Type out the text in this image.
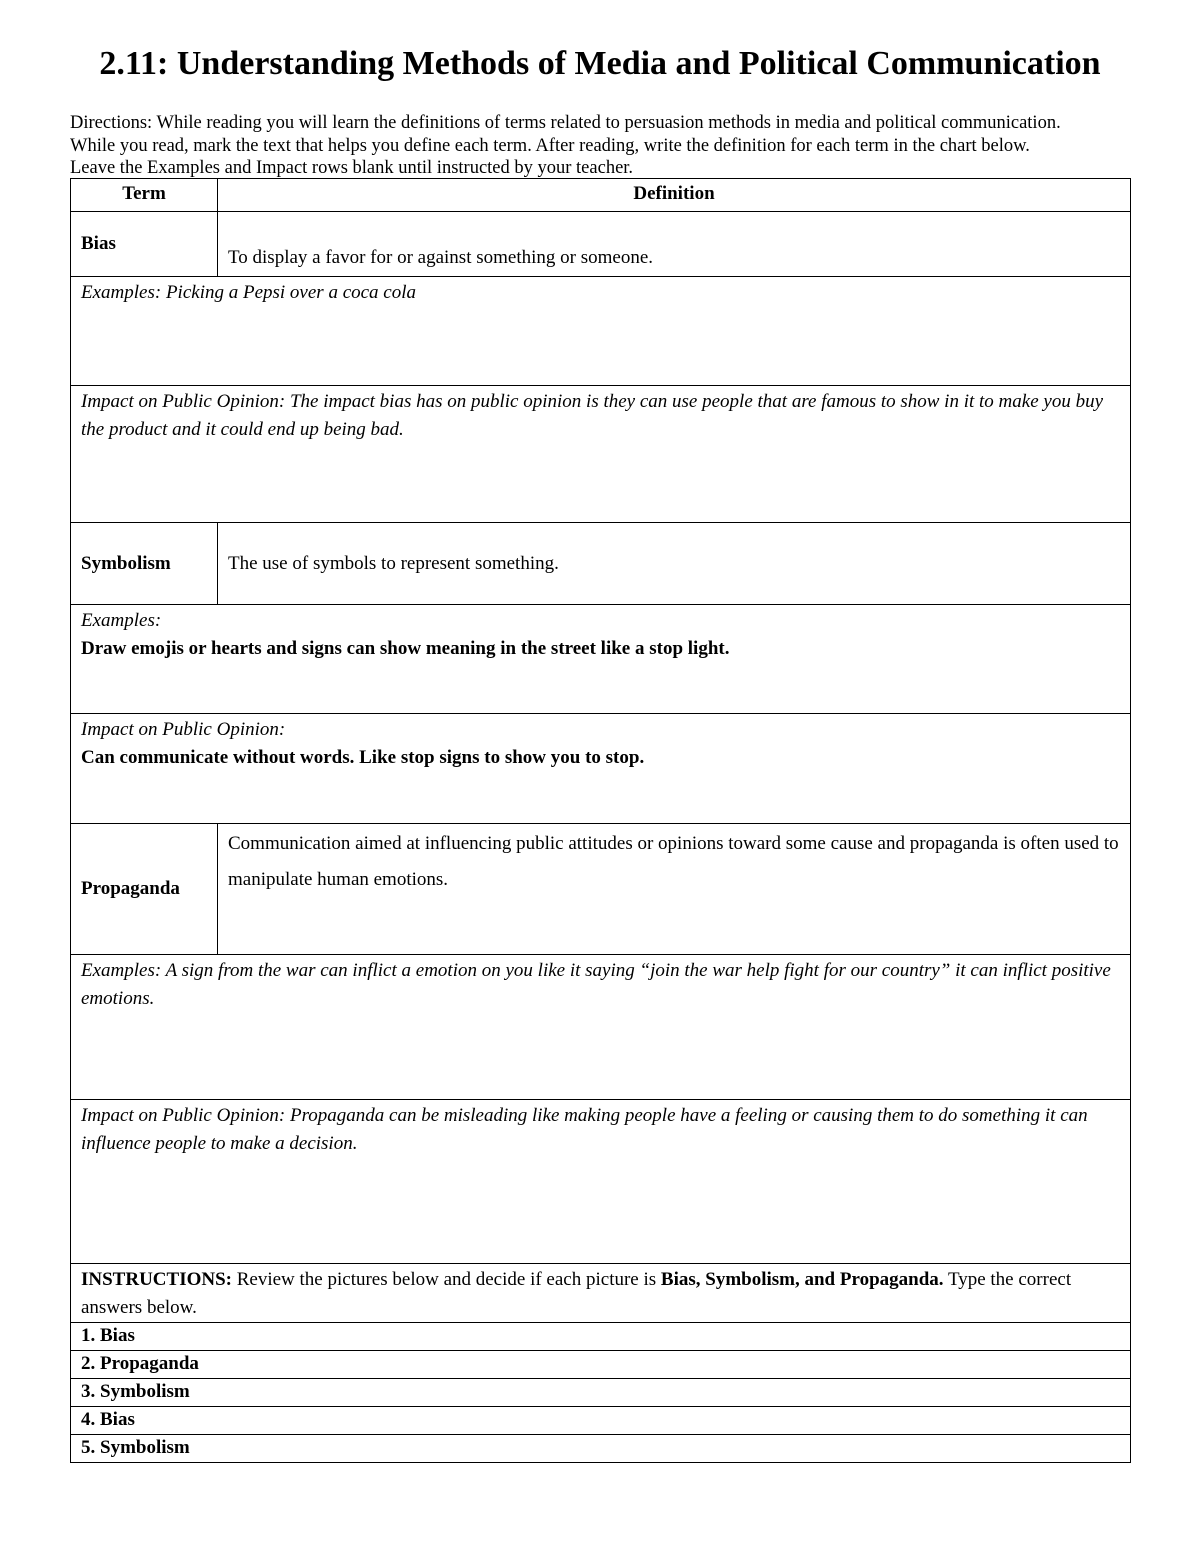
2.11: Understanding Methods of Media and Political Communication
Directions: While reading you will learn the definitions of terms related to persuasion methods in media and political communication.
While you read, mark the text that helps you define each term. After reading, write the definition for each term in the chart below.
Leave the Examples and Impact rows blank until instructed by your teacher.
Term	Definition
Bias	To display a favor for or against something or someone.

Examples: Picking a Pepsi over a coca cola	

Impact on Public Opinion: The impact bias has on public opinion is they can use people that are famous to show in it to make you buy the product and it could end up being bad.	

Symbolism	The use of symbols to represent something.

Examples:
Draw emojis or hearts and signs can show meaning in the street like a stop light.	

Impact on Public Opinion:
Can communicate without words. Like stop signs to show you to stop.	

Propaganda	Communication aimed at influencing public attitudes or opinions toward some cause and propaganda is often used to manipulate human emotions.

Examples: A sign from the war can inflict a emotion on you like it saying “join the war help fight for our country” it can inflict positive emotions.	

Impact on Public Opinion: Propaganda can be misleading like making people have a feeling or causing them to do something it can influence people to make a decision.	

INSTRUCTIONS: Review the pictures below and decide if each picture is Bias, Symbolism, and Propaganda. Type the correct answers below.	
1. Bias	
2. Propaganda	
3. Symbolism	
4. Bias	
5. Symbolism	
